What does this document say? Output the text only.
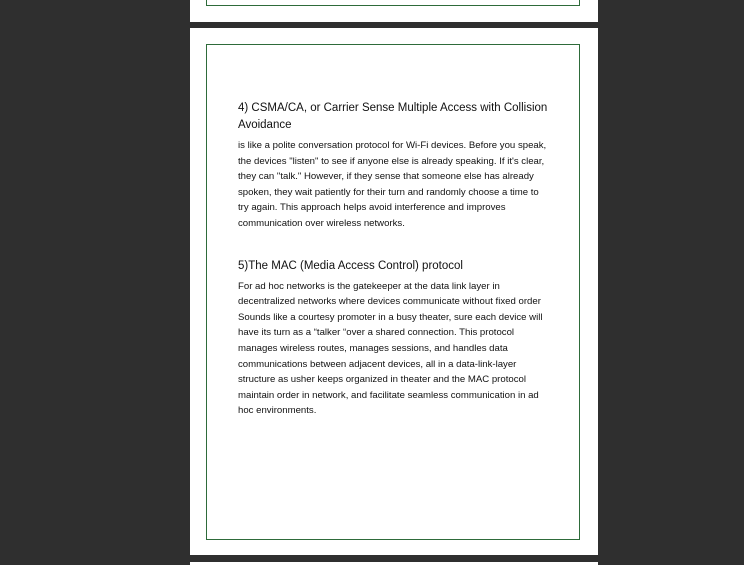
4) CSMA/CA, or Carrier Sense Multiple Access with Collision Avoidance
is like a polite conversation protocol for Wi-Fi devices. Before you speak, the devices "listen" to see if anyone else is already speaking. If it's clear, they can "talk." However, if they sense that someone else has already spoken, they wait patiently for their turn and randomly choose a time to try again. This approach helps avoid interference and improves communication over wireless networks.
5)The MAC (Media Access Control) protocol
For ad hoc networks is the gatekeeper at the data link layer in decentralized networks where devices communicate without fixed order Sounds like a courtesy promoter in a busy theater, sure each device will have its turn as a “talker “over a shared connection. This protocol manages wireless routes, manages sessions, and handles data communications between adjacent devices, all in a data-link-layer structure as usher keeps organized in theater and the MAC protocol maintain order in network, and facilitate seamless communication in ad hoc environments.
